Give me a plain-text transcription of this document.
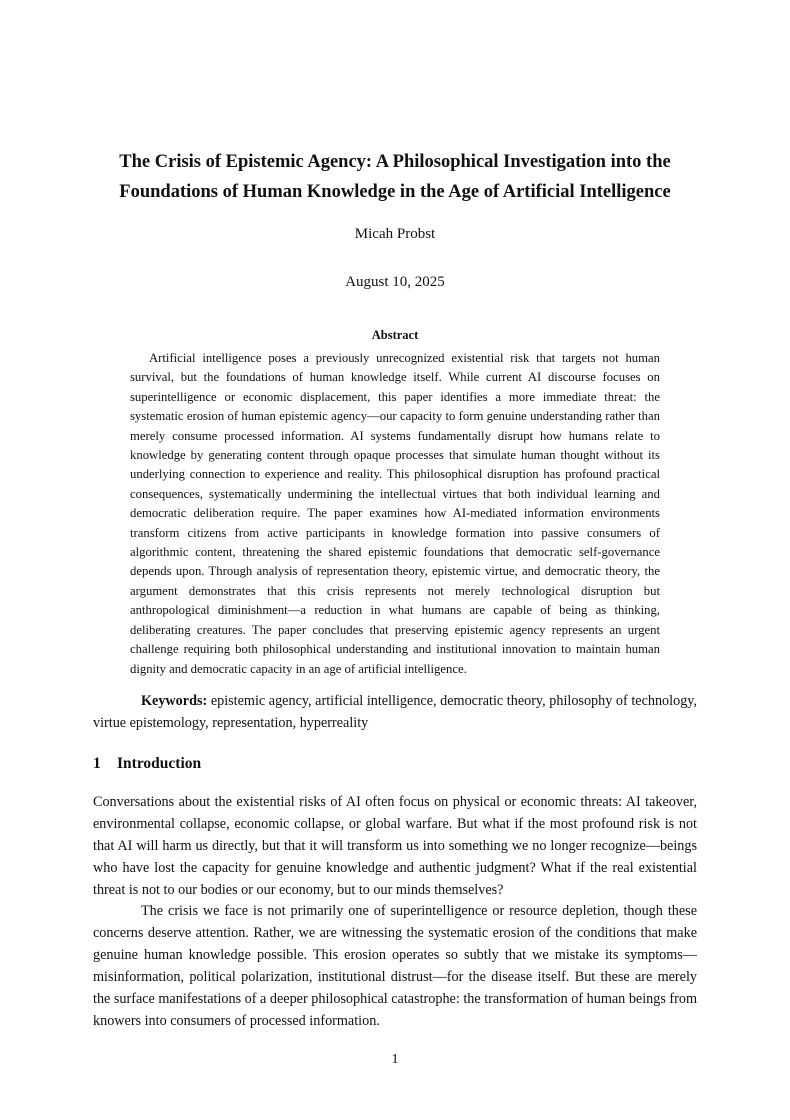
The Crisis of Epistemic Agency: A Philosophical Investigation into the
Foundations of Human Knowledge in the Age of Artificial Intelligence
Micah Probst
August 10, 2025
Abstract

Artificial intelligence poses a previously unrecognized existential risk that targets not human survival, but the foundations of human knowledge itself. While current AI discourse focuses on superintelligence or economic displacement, this paper identifies a more immediate threat: the systematic erosion of human epistemic agency—our capacity to form genuine understanding rather than merely consume processed information. AI systems fundamentally disrupt how humans relate to knowledge by generating content through opaque processes that simulate human thought without its underlying connection to experience and reality. This philosophical disruption has profound practical consequences, systematically undermining the intellectual virtues that both individual learning and democratic deliberation require. The paper examines how AI-mediated information environments transform citizens from active participants in knowledge formation into passive consumers of algorithmic content, threatening the shared epistemic foundations that democratic self-governance depends upon. Through analysis of representation theory, epistemic virtue, and democratic theory, the argument demonstrates that this crisis represents not merely technological disruption but anthropological diminishment—a reduction in what humans are capable of being as thinking, deliberating creatures. The paper concludes that preserving epistemic agency represents an urgent challenge requiring both philosophical understanding and institutional innovation to maintain human dignity and democratic capacity in an age of artificial intelligence.

Keywords: epistemic agency, artificial intelligence, democratic theory, philosophy of technology, virtue epistemology, representation, hyperreality

1 Introduction

Conversations about the existential risks of AI often focus on physical or economic threats: AI takeover, environmental collapse, economic collapse, or global warfare. But what if the most profound risk is not that AI will harm us directly, but that it will transform us into something we no longer recognize—beings who have lost the capacity for genuine knowledge and authentic judgment? What if the real existential threat is not to our bodies or our economy, but to our minds themselves?

The crisis we face is not primarily one of superintelligence or resource depletion, though these concerns deserve attention. Rather, we are witnessing the systematic erosion of the conditions that make genuine human knowledge possible. This erosion operates so subtly that we mistake its symptoms—misinformation, political polarization, institutional distrust—for the disease itself. But these are merely the surface manifestations of a deeper philosophical catastrophe: the transformation of human beings from knowers into consumers of processed information.

1
